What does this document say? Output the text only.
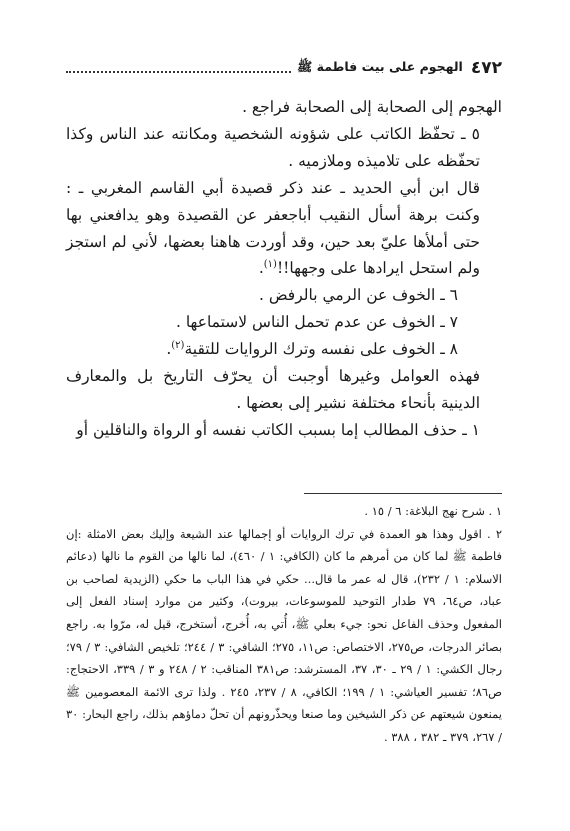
٤٧٢
الهجوم على بيت فاطمة ﷺ

الهجوم إلى الصحابة إلى الصحابة فراجع .

٥ ـ تحفّظ الكاتب على شؤونه الشخصية ومكانته عند الناس وكذا تحفّظه على تلاميذه وملازميه .

قال ابن أبي الحديد ـ عند ذكر قصيدة أبي القاسم المغربي ـ : وكنت برهة أسأل النقيب أباجعفر عن القصيدة وهو يدافعني بها حتى أملأها عليّ بعد حين، وقد أوردت هاهنا بعضها، لأني لم استجز ولم استحل ايرادها على وجهها!!$^{(١)}$.

٦ ـ الخوف عن الرمي بالرفض .

٧ ـ الخوف عن عدم تحمل الناس لاستماعها .

٨ ـ الخوف على نفسه وترك الروايات للتقية$^{(٢)}$.

فهذه العوامل وغيرها أوجبت أن يحرّف التاريخ بل والمعارف الدينية بأنحاء مختلفة نشير إلى بعضها .

١ ـ حذف المطالب إما بسبب الكاتب نفسه أو الرواة والناقلين أو

١ . شرح نهج البلاغة: ٦ / ١٥ .

٢ . اقول وهذا هو العمدة في ترك الروايات أو إجمالها عند الشيعة وإليك بعض الامثلة :إن فاطمة ﷺ لما كان من أمرهم ما كان (الكافي: ١ / ٤٦٠)، لما نالها من القوم ما نالها (دعائم الاسلام: ١ / ٢٣٢)، قال له عمر ما قال... حكي في هذا الباب ما حكي (الزيدية لصاحب بن عباد، ص٦٤، ٧٩ طدار التوحيد للموسوعات، بيروت)، وكثير من موارد إسناد الفعل إلى المفعول وحذف الفاعل نحو: جيء بعلي ﷺ، أُتي به، أُخرج، أستخرج، قيل له، مرّوا به. راجع بصائر الدرجات، ص٢٧٥، الاختصاص: ص١١، ٢٧٥؛ الشافي: ٣ / ٢٤٤؛ تلخيص الشافي: ٣ / ٧٩؛ رجال الكشي: ١ / ٢٩ ـ ٣٠، ٣٧، المسترشد: ص٣٨١ المناقب: ٢ / ٢٤٨ و ٣ / ٣٣٩، الاحتجاج: ص٨٦؛ تفسير العياشي: ١ / ١٩٩؛ الكافي، ٨ / ٢٣٧، ٢٤٥ . ولذا ترى الائمة المعصومين ﷺ يمنعون شيعتهم عن ذكر الشيخين وما صنعا ويحذّرونهم أن تحلّ دماؤهم بذلك، راجع البحار: ٣٠ / ٢٦٧، ٣٧٩ ـ ٣٨٢ ، ٣٨٨ .
